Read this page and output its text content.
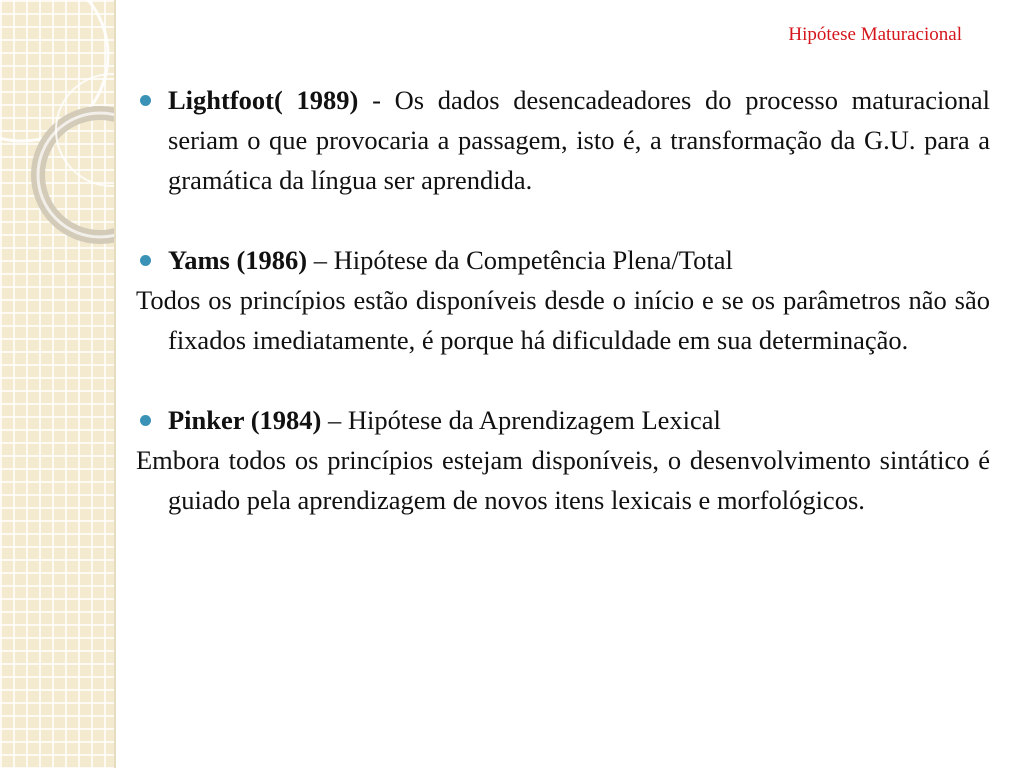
Hipótese Maturacional
Lightfoot( 1989) - Os dados desencadeadores do processo maturacional seriam o que provocaria a passagem, isto é, a transformação da G.U. para a gramática da língua ser aprendida.
Yams (1986) – Hipótese da Competência Plena/Total
Todos os princípios estão disponíveis desde o início e se os parâmetros não são fixados imediatamente, é porque há dificuldade em sua determinação.
Pinker (1984) – Hipótese da Aprendizagem Lexical
Embora todos os princípios estejam disponíveis, o desenvolvimento sintático é guiado pela aprendizagem de novos itens lexicais e morfológicos.
